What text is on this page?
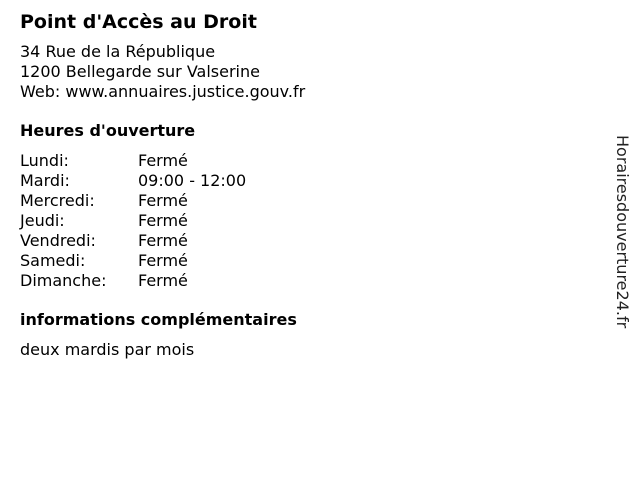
Point d'Accès au Droit
34 Rue de la République
1200 Bellegarde sur Valserine
Web: www.annuaires.justice.gouv.fr
Heures d'ouverture
Lundi:	Fermé
Mardi:	09:00 - 12:00
Mercredi:	Fermé
Jeudi:	Fermé
Vendredi:	Fermé
Samedi:	Fermé
Dimanche:	Fermé
informations complémentaires
deux mardis par mois
Horairesdouverture24.fr
